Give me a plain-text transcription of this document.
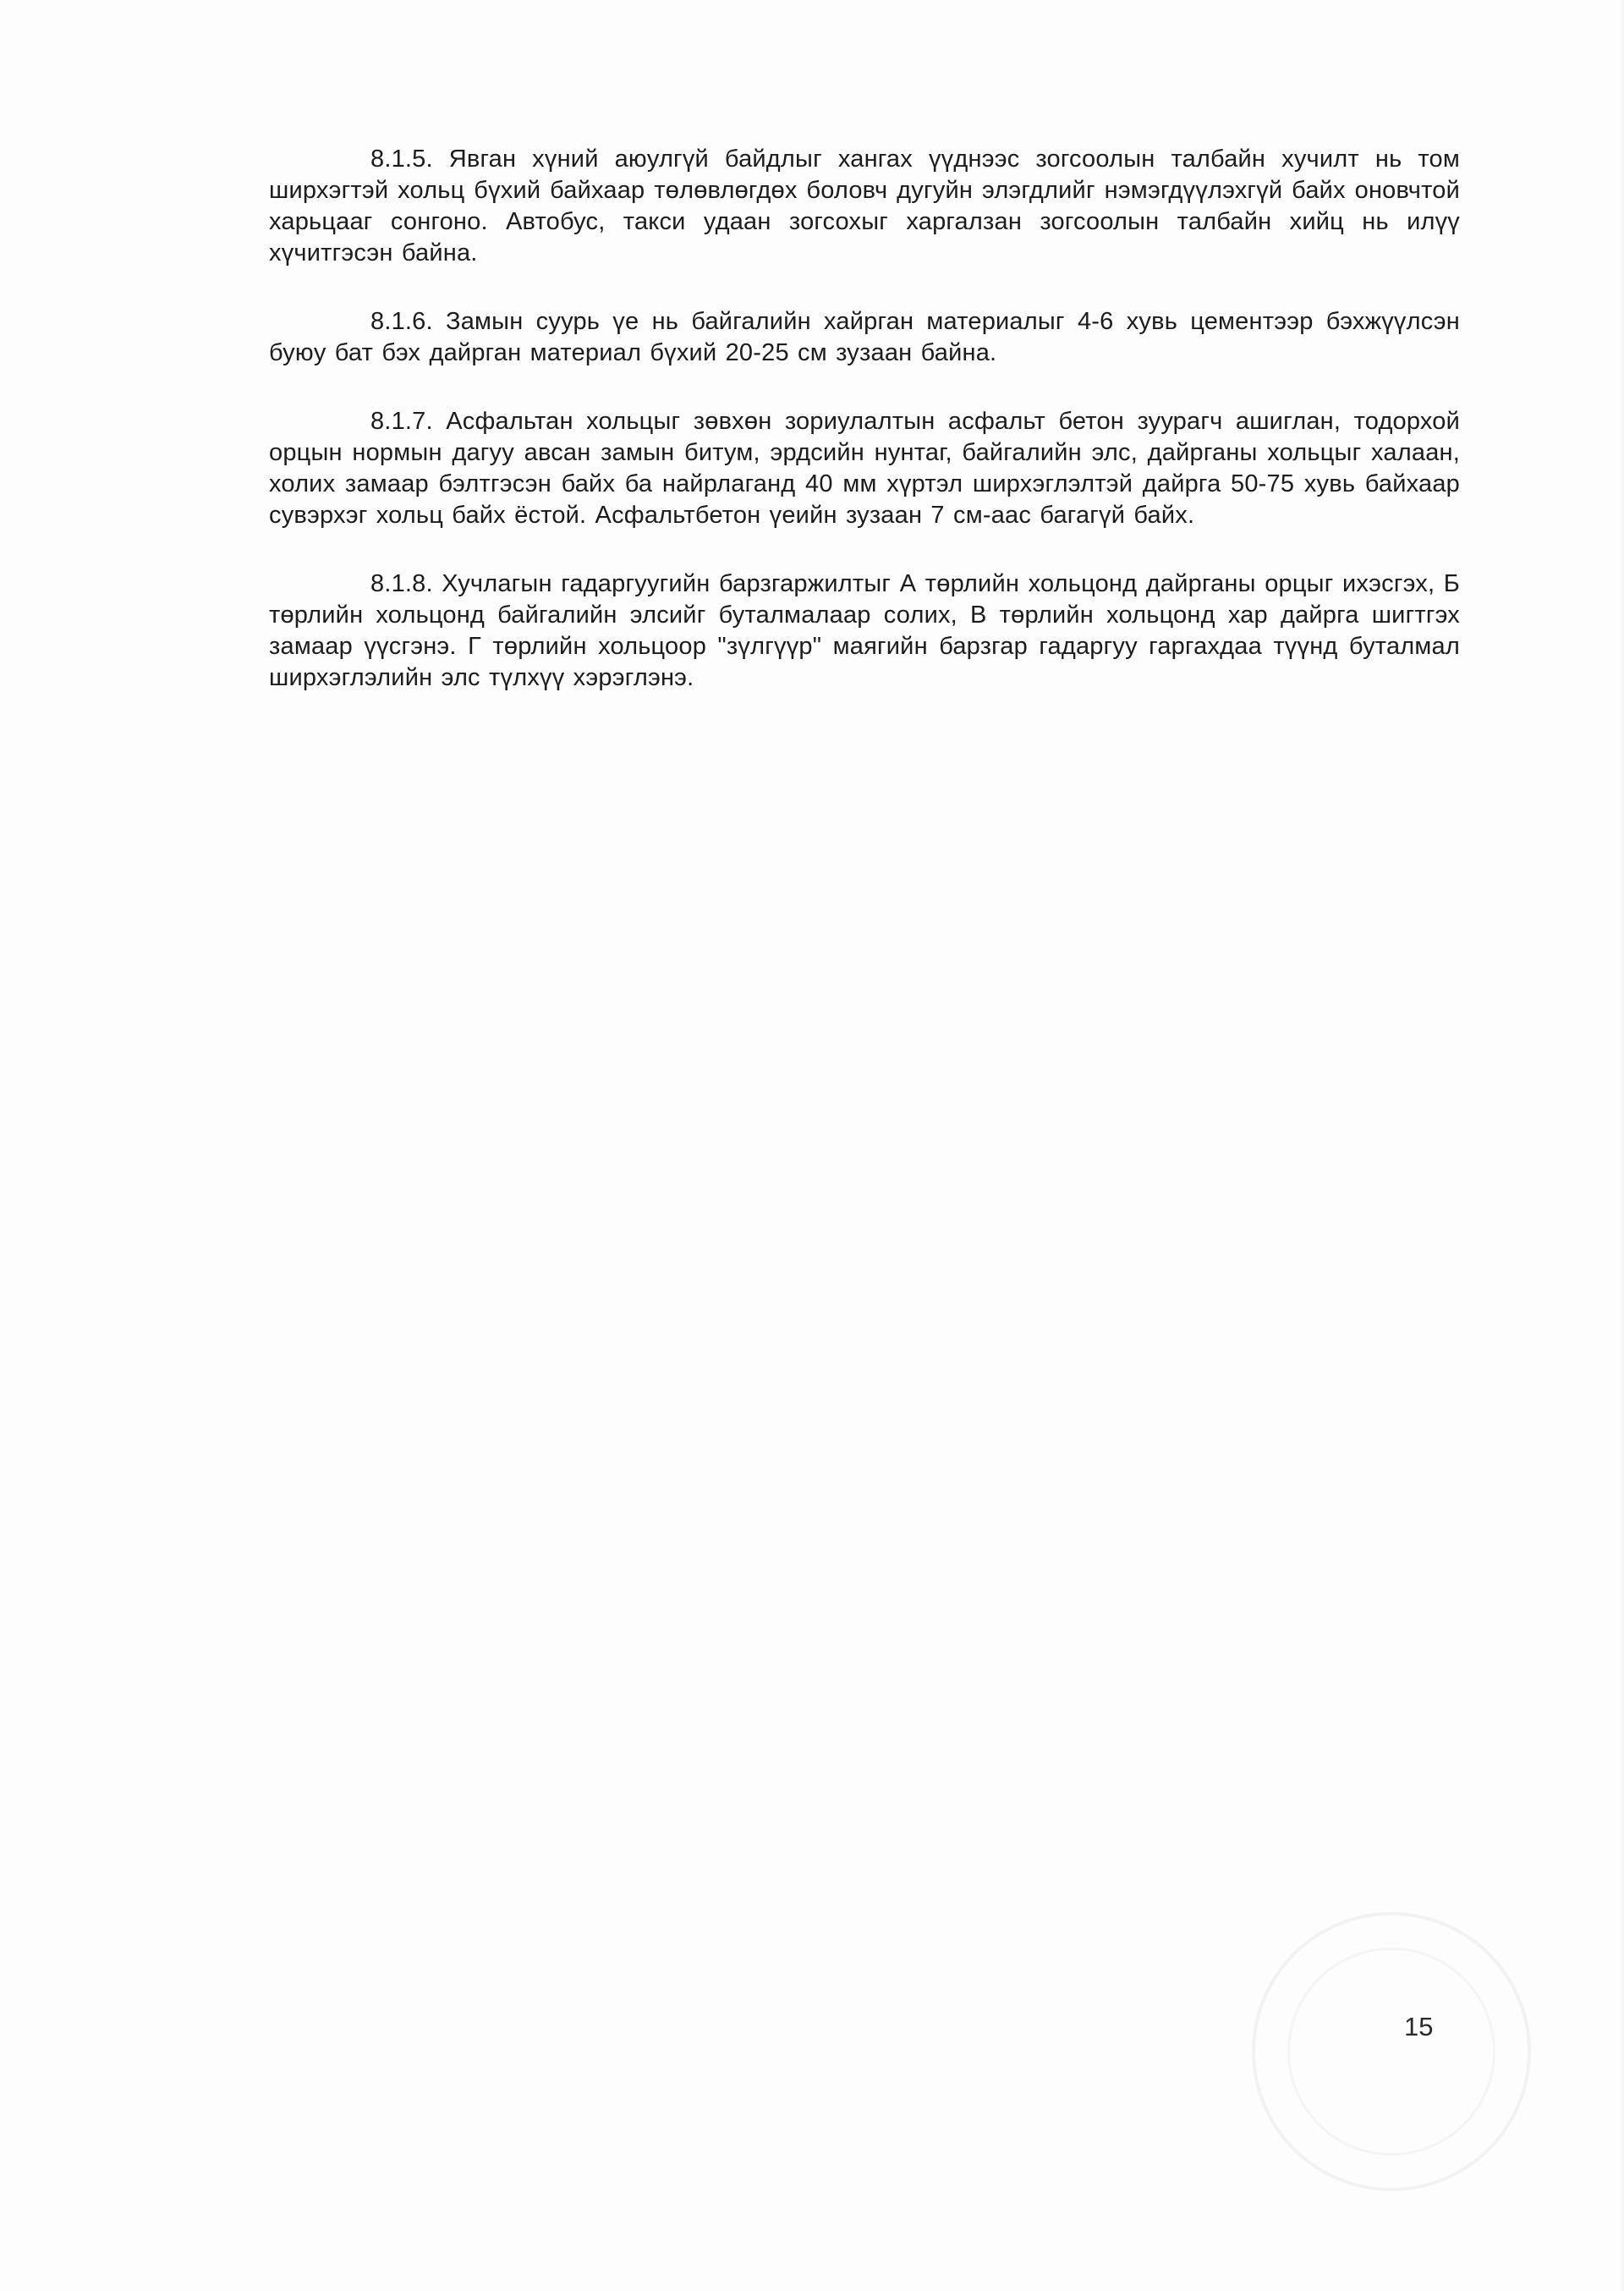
8.1.5. Явган хүний аюулгүй байдлыг хангах үүднээс зогсоолын талбайн хучилт нь том ширхэгтэй хольц бүхий байхаар төлөвлөгдөх боловч дугуйн элэгдлийг нэмэгдүүлэхгүй байх оновчтой харьцааг сонгоно. Автобус, такси удаан зогсохыг харгалзан зогсоолын талбайн хийц нь илүү хүчитгэсэн байна.

8.1.6. Замын суурь үе нь байгалийн хайрган материалыг 4-6 хувь цементээр бэхжүүлсэн буюу бат бэх дайрган материал бүхий 20-25 см зузаан байна.

8.1.7. Асфальтан хольцыг зөвхөн зориулалтын асфальт бетон зуурагч ашиглан, тодорхой орцын нормын дагуу авсан замын битум, эрдсийн нунтаг, байгалийн элс, дайрганы хольцыг халаан, холих замаар бэлтгэсэн байх ба найрлаганд 40 мм хүртэл ширхэглэлтэй дайрга 50-75 хувь байхаар сувэрхэг хольц байх ёстой. Асфальтбетон үеийн зузаан 7 см-аас багагүй байх.

8.1.8. Хучлагын гадаргуугийн барзгаржилтыг А төрлийн хольцонд дайрганы орцыг ихэсгэх, Б төрлийн хольцонд байгалийн элсийг буталмалаар солих, В төрлийн хольцонд хар дайрга шигтгэх замаар үүсгэнэ. Г төрлийн хольцоор "зүлгүүр" маягийн барзгар гадаргуу гаргахдаа түүнд буталмал ширхэглэлийн элс түлхүү хэрэглэнэ.

15
